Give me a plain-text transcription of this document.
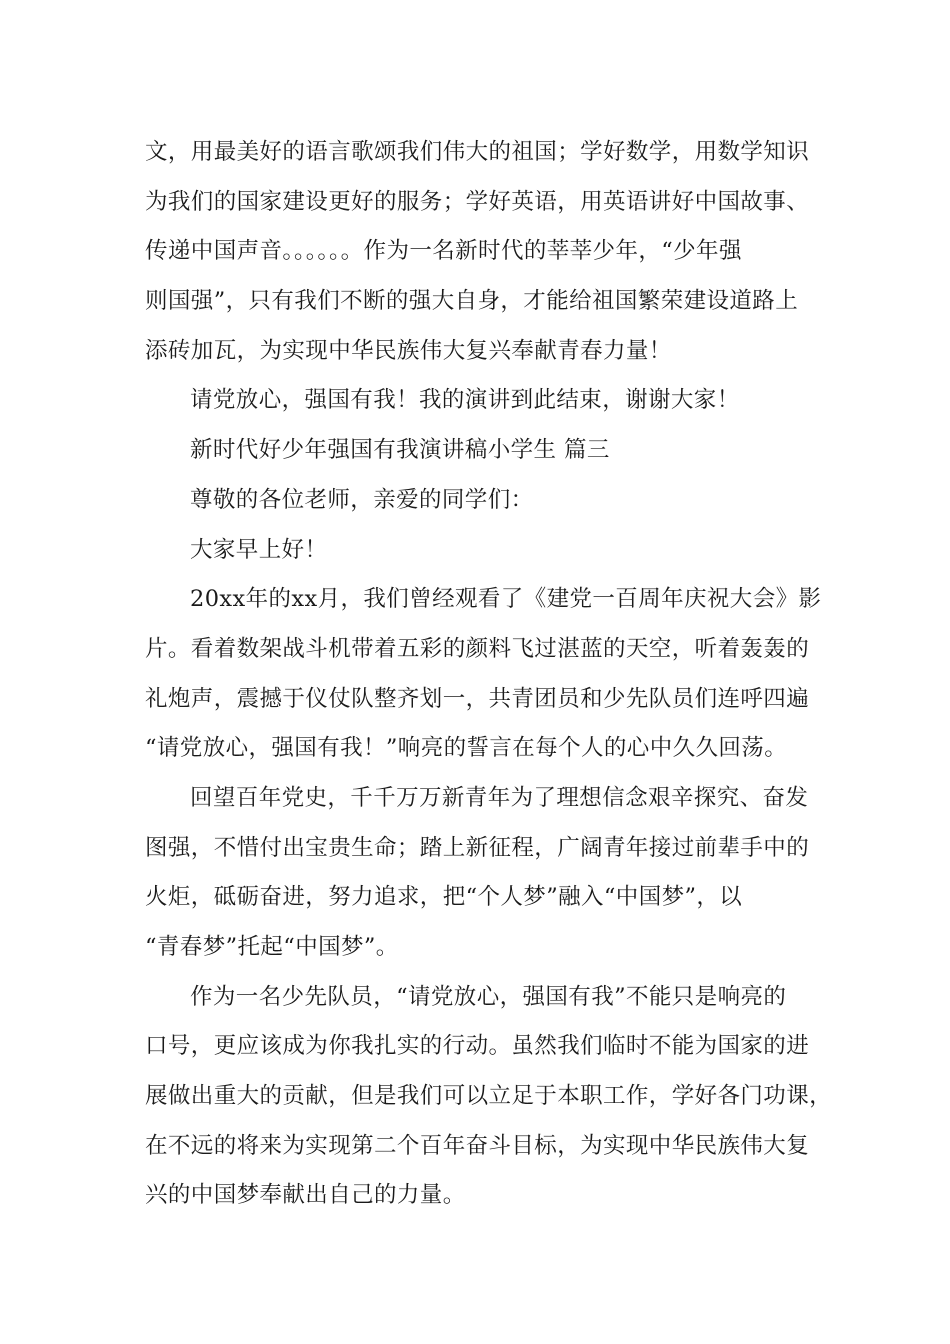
文，用最美好的语言歌颂我们伟大的祖国；学好数学，用数学知识
为我们的国家建设更好的服务；学好英语，用英语讲好中国故事、
传递中国声音。。。。。。作为一名新时代的莘莘少年，“少年强
则国强”，只有我们不断的强大自身，才能给祖国繁荣建设道路上
添砖加瓦，为实现中华民族伟大复兴奉献青春力量！
请党放心，强国有我！我的演讲到此结束，谢谢大家！
新时代好少年强国有我演讲稿小学生 篇三
尊敬的各位老师，亲爱的同学们：
大家早上好！
20xx年的xx月，我们曾经观看了《建党一百周年庆祝大会》影
片。看着数架战斗机带着五彩的颜料飞过湛蓝的天空，听着轰轰的
礼炮声，震撼于仪仗队整齐划一，共青团员和少先队员们连呼四遍
“请党放心，强国有我！”响亮的誓言在每个人的心中久久回荡。
回望百年党史，千千万万新青年为了理想信念艰辛探究、奋发
图强，不惜付出宝贵生命；踏上新征程，广阔青年接过前辈手中的
火炬，砥砺奋进，努力追求，把“个人梦”融入“中国梦”，以
“青春梦”托起“中国梦”。
作为一名少先队员，“请党放心，强国有我”不能只是响亮的
口号，更应该成为你我扎实的行动。虽然我们临时不能为国家的进
展做出重大的贡献，但是我们可以立足于本职工作，学好各门功课，
在不远的将来为实现第二个百年奋斗目标，为实现中华民族伟大复
兴的中国梦奉献出自己的力量。
